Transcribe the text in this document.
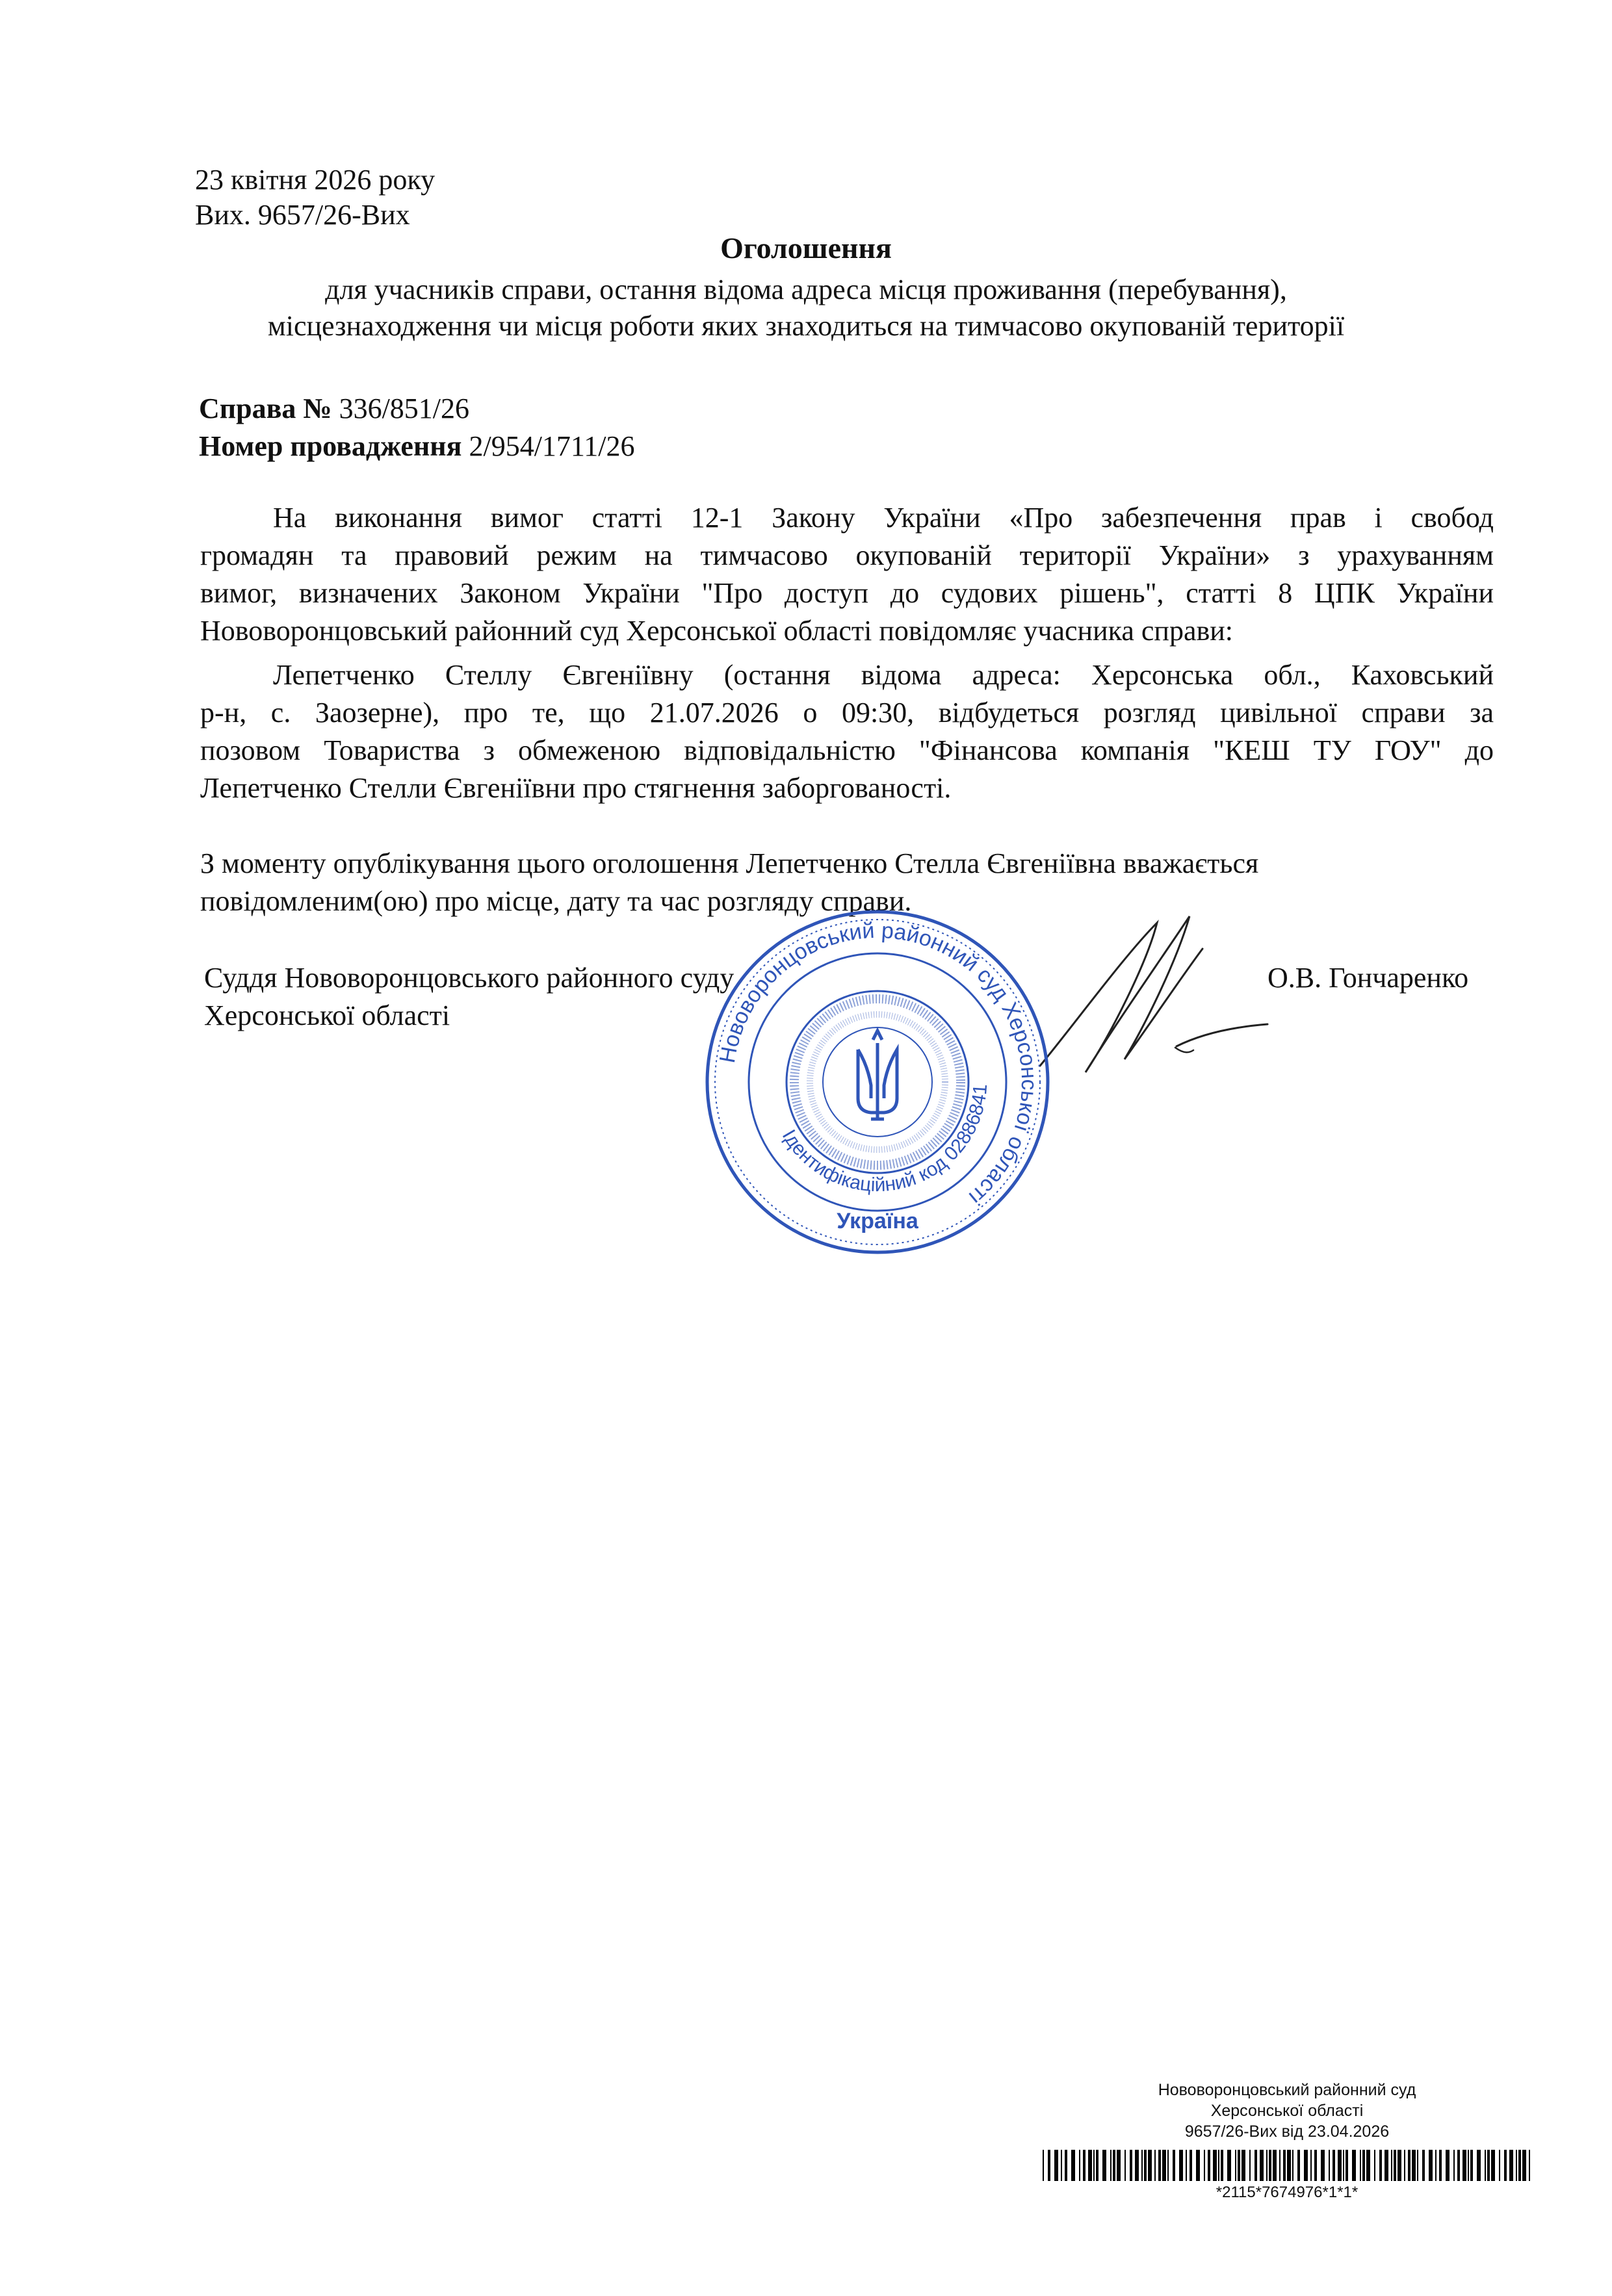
23 квітня 2026 року
Вих. 9657/26-Вих
Оголошення
для учасників справи, остання відома адреса місця проживання (перебування),
місцезнаходження чи місця роботи яких знаходиться на тимчасово окупованій території
Справа № 336/851/26
Номер провадження 2/954/1711/26
На виконання вимог статті 12-1 Закону України «Про забезпечення прав і свобод
громадян та правовий режим на тимчасово окупованій території України» з урахуванням
вимог, визначених Законом України "Про доступ до судових рішень", статті 8 ЦПК України
Нововоронцовський районний суд Херсонської області повідомляє учасника справи:
Лепетченко Стеллу Євгеніївну (остання відома адреса: Херсонська обл., Каховський
р-н, с. Заозерне), про те, що 21.07.2026 о 09:30, відбудеться розгляд цивільної справи за
позовом Товариства з обмеженою відповідальністю "Фінансова компанія "КЕШ ТУ ГОУ" до
Лепетченко Стелли Євгеніївни про стягнення заборгованості.
З моменту опублікування цього оголошення Лепетченко Стелла Євгеніївна вважається
повідомленим(ою) про місце, дату та час розгляду справи.
Суддя Нововоронцовського районного суду
Херсонської області
О.В. Гончаренко
Нововоронцовський районний суд Херсонської області
Ідентифікаційний код 02886841
Україна
Нововоронцовський районний суд
Херсонської області
9657/26-Вих від 23.04.2026
*2115*7674976*1*1*
